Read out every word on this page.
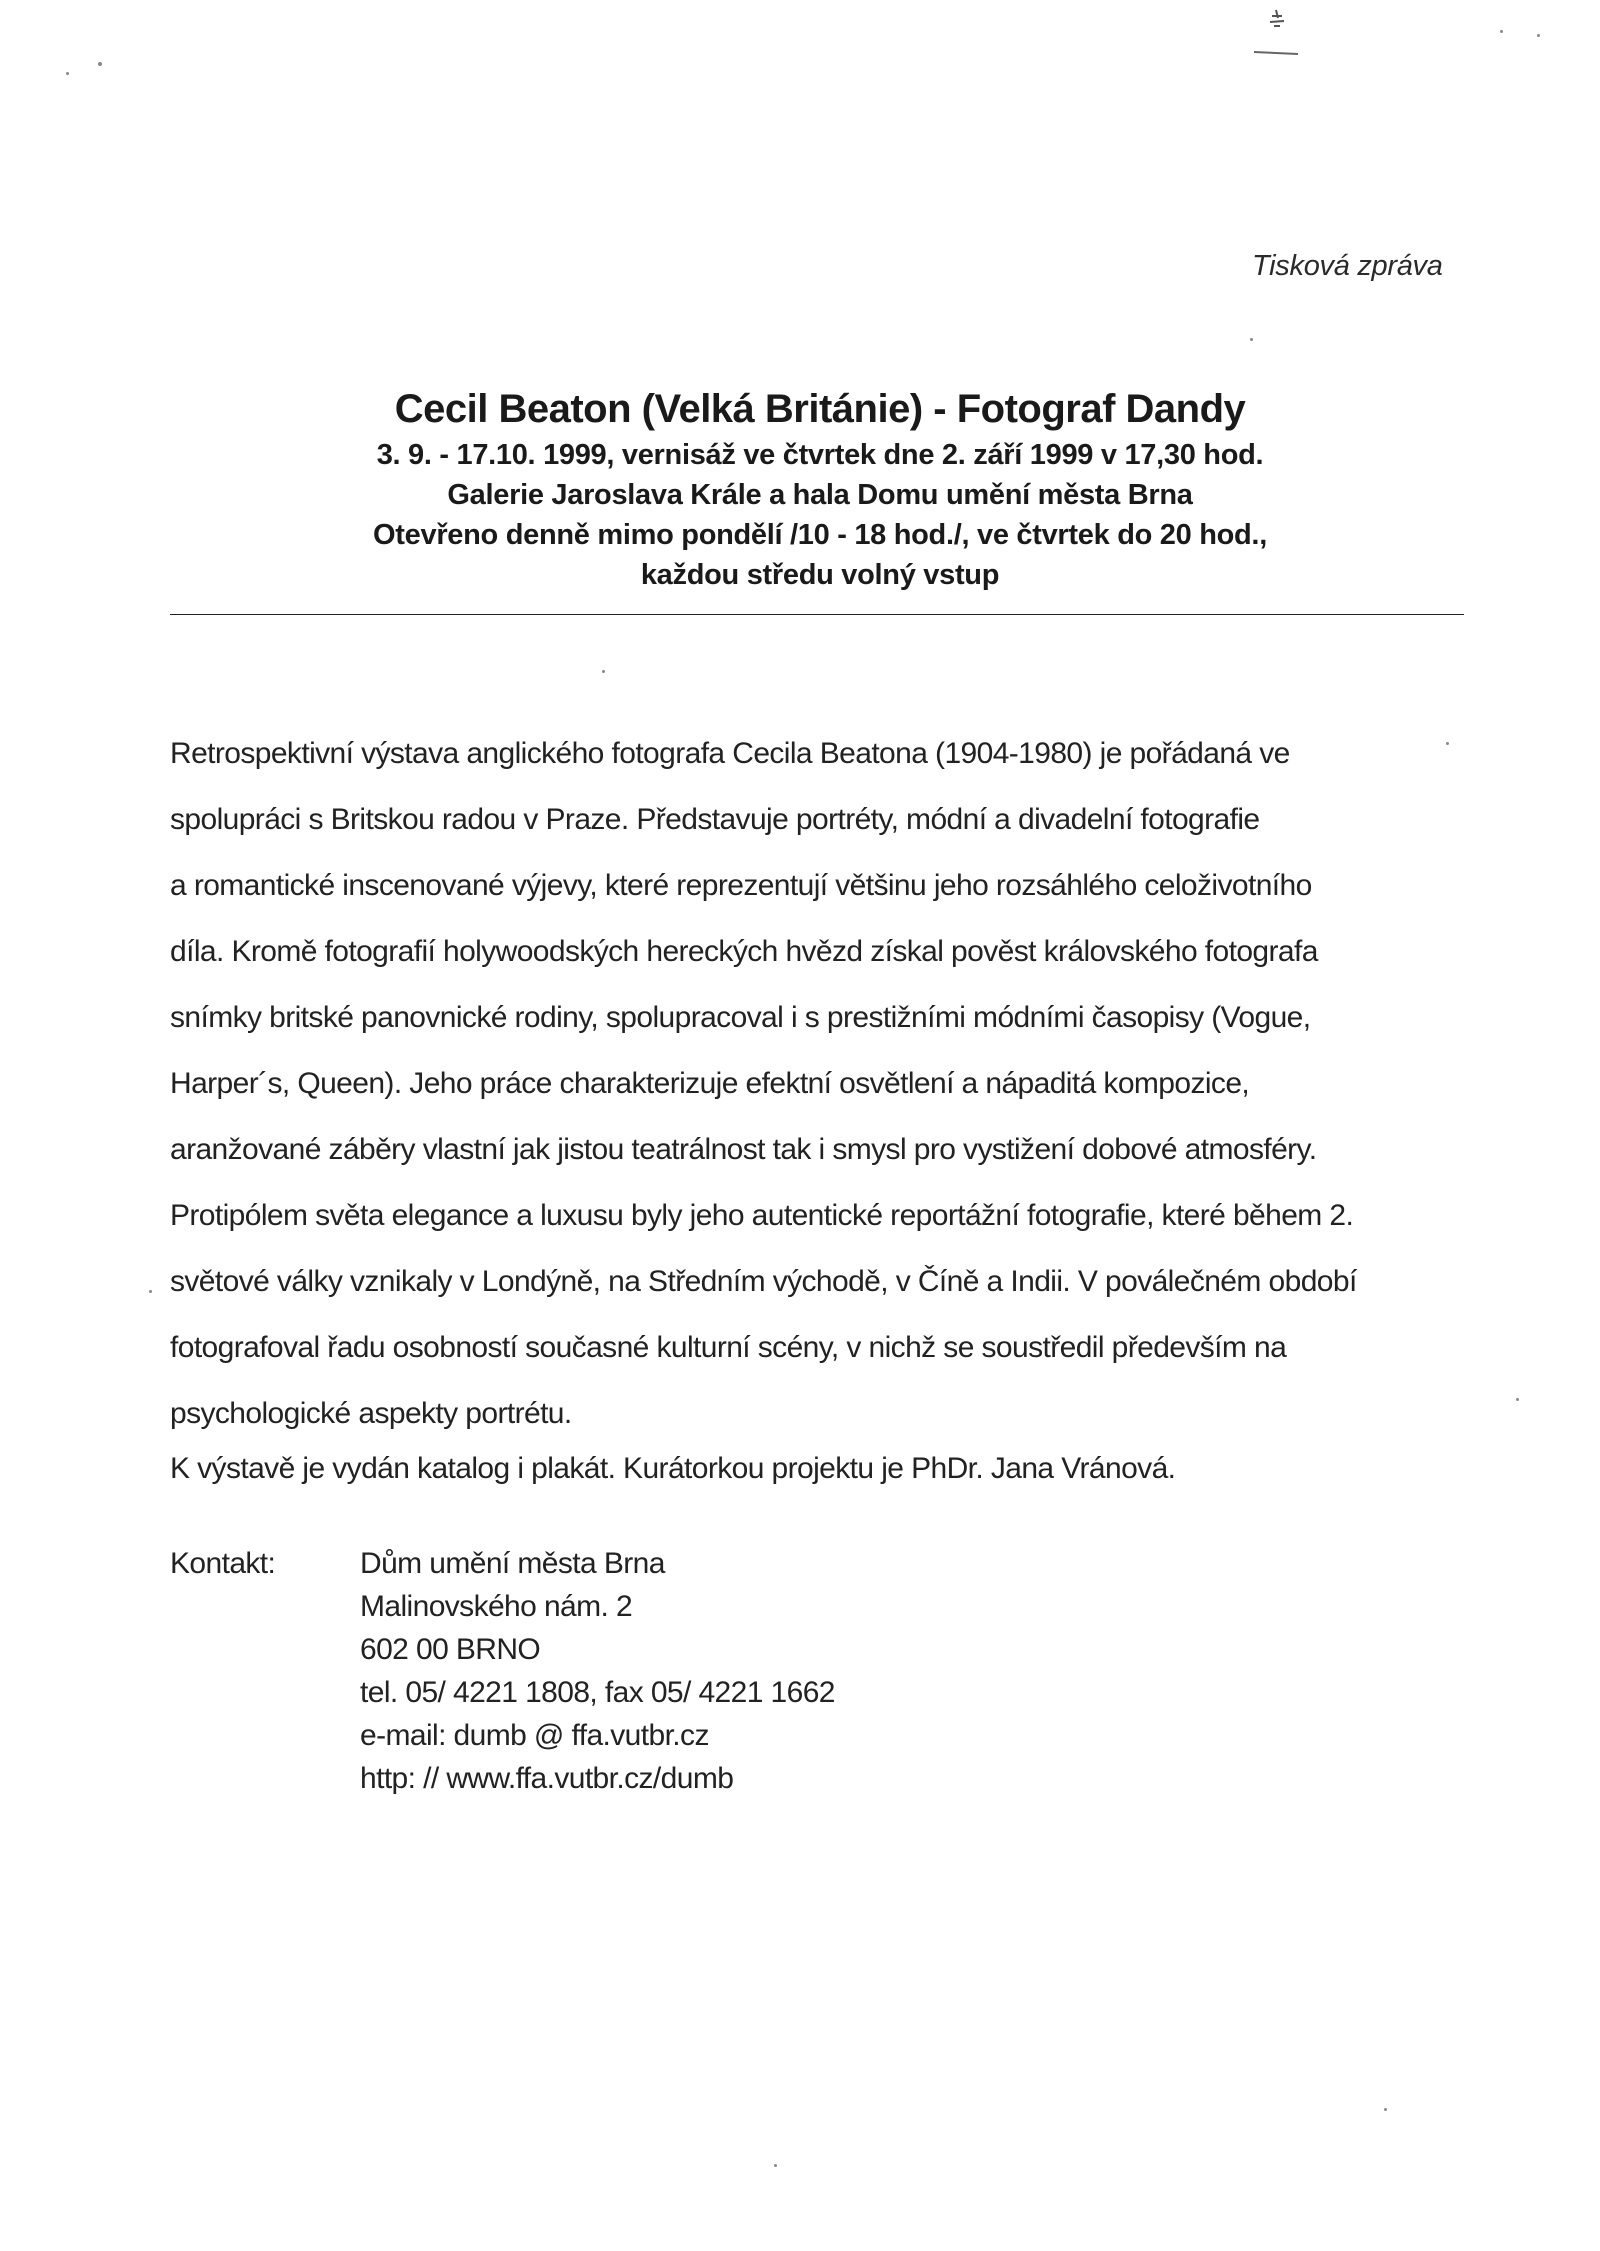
Tisková zpráva
Cecil Beaton (Velká Británie) - Fotograf Dandy
3. 9. - 17.10. 1999, vernisáž ve čtvrtek dne 2. září 1999 v 17,30 hod.
Galerie Jaroslava Krále a hala Domu umění města Brna
Otevřeno denně mimo pondělí /10 - 18 hod./, ve čtvrtek do 20 hod.,
každou středu volný vstup
Retrospektivní výstava anglického fotografa Cecila Beatona (1904-1980) je pořádaná ve
spolupráci s Britskou radou v Praze. Představuje portréty, módní a divadelní fotografie
a romantické inscenované výjevy, které reprezentují většinu jeho rozsáhlého celoživotního
díla. Kromě fotografií holywoodských hereckých hvězd získal pověst královského fotografa
snímky britské panovnické rodiny, spolupracoval i s prestižními módními časopisy (Vogue,
Harper´s, Queen). Jeho práce charakterizuje efektní osvětlení a nápaditá kompozice,
aranžované záběry vlastní jak jistou teatrálnost tak i smysl pro vystižení dobové atmosféry.
Protipólem světa elegance a luxusu byly jeho autentické reportážní fotografie, které během 2.
světové války vznikaly v Londýně, na Středním východě, v Číně a Indii. V poválečném období
fotografoval řadu osobností současné kulturní scény, v nichž se soustředil především na
psychologické aspekty portrétu.
K výstavě je vydán katalog i plakát. Kurátorkou projektu je PhDr. Jana Vránová.
Kontakt:	Dům umění města Brna
Malinovského nám. 2
602 00 BRNO
tel. 05/ 4221 1808, fax 05/ 4221 1662
e-mail: dumb @ ffa.vutbr.cz
http: // www.ffa.vutbr.cz/dumb
